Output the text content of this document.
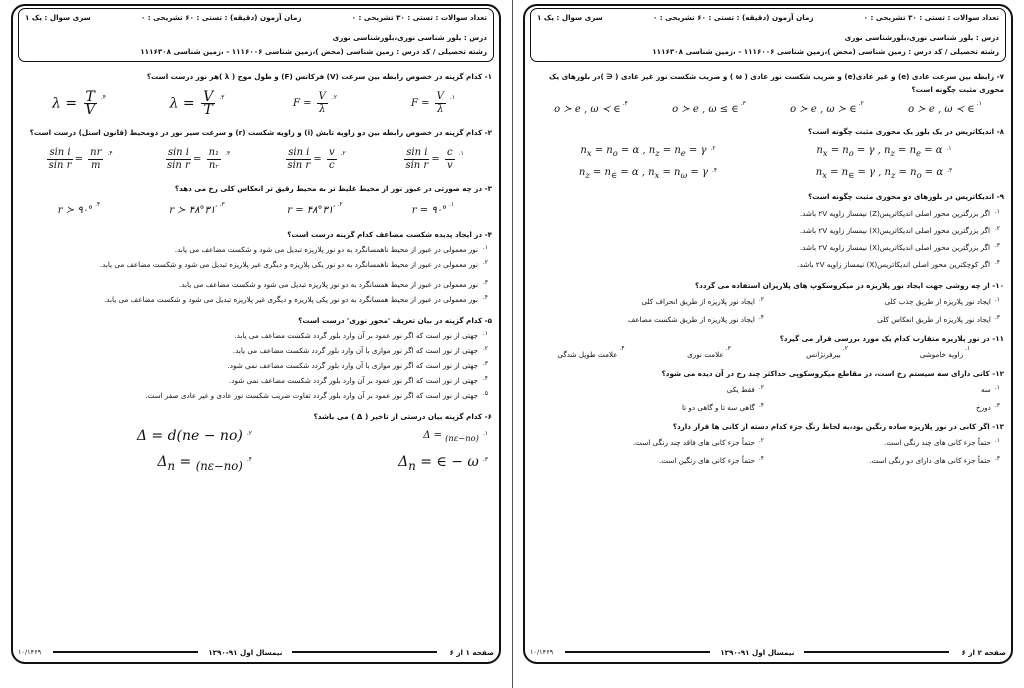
تعداد سوالات : تستی : ۳۰ تشریحی : ۰
زمان آزمون (دقیقه) : تستی : ۶۰ تشریحی : ۰
سری سوال : یک ۱
درس : بلور شناسی نوری،بلورشناسی نوری
رشته تحصیلی / کد درس : زمین شناسی (محض )،زمین شناسی ۱۱۱۶۰۰۶ - ،زمین شناسی ۱۱۱۶۳۰۸
۱- کدام گزینه در خصوص رابطه بین سرعت (V) فرکانس (F) و طول موج ( λ )هر نور درست است؟
۱.
$F = \frac{V}{\lambda}$
۲.
$F = \frac{V}{\lambda}$
۳.
$\lambda = \frac{V}{T}$
۴.
$\lambda = \frac{T}{V}$
۲- کدام گزینه در خصوص رابطه بین دو زاویه تابش (i) و زاویه شکست (r) و سرعت سیر نور در دومحیط (قانون اسنل) درست است؟
۱.
$\frac{\text{sin i}}{\text{sin r}} = \frac{c}{v}$
۲.
$\frac{\text{sin i}}{\text{sin r}} = \frac{v}{c}$
۳.
$\frac{\text{sin i}}{\text{sin r}} = \frac{\text{n₁}}{\text{nᵣ}}$
۴.
$\frac{\text{sin i}}{\text{sin r}} = \frac{nr}{m}$
۳- در چه صورتی در عبور نور از محیط غلیظ تر به محیط رقیق تر انعکاس کلی رخ می دهد؟
۱.
r = ۹۰°
۲.
r = ۴۸°۳۱′
۳.
r ≻ ۴۸°۳۱′
۴.
r ≻ ۹۰°
۴- در ایجاد پدیده شکست مضاعف کدام گزینه درست است؟
۱.
نور معمولی در عبور از محیط ناهمسانگرد به دو نور پلاریزه تبدیل می شود و شکست مضاعف می یابد.
۲.
نور معمولی در عبور از محیط ناهمسانگرد به دو نور یکی پلاریزه و دیگری غیر پلاریزه تبدیل می شود و شکست مضاعف می یابد.
۳.
نور معمولی در عبور از محیط همسانگرد به دو نور پلاریزه تبدیل می شود و شکست مضاعف می یابد.
۴.
نور معمولی در عبور از محیط همسانگرد به دو نور یکی پلاریزه و دیگری غیر پلاریزه تبدیل می شود و شکست مضاعف می یابد.
۵- کدام گزینه در بیان تعریف 'محور نوری' درست است؟
۱.
جهتی از نور است که اگر نور عمود بر آن وارد بلور گردد شکست مضاعف می یابد.
۲.
جهتی از نور است که اگر نور موازی با آن وارد بلور گردد شکست مضاعف می یابد.
۳.
جهتی از نور است که اگر نور موازی با آن وارد بلور گردد شکست مضاعف نمی شود.
۴.
جهتی از نور است که اگر نور عمود بر آن وارد بلور گردد شکست مضاعف نمی شود.
۵.
جهتی از نور است که اگر نور عمود بر آن وارد بلور گردد تفاوت ضریب شکست نور عادی و غیر عادی صفر است.
۶- کدام گزینه بیان درستی از تاخیر ( Δ ) می باشد؟
۱.
Δ = $_{(n\varepsilon-no)}$
۲.
Δ = d(ne − no)
۳.
$\Delta_n$ = ∈ − ω
۴.
$\Delta_n = _{(n\varepsilon-no)}$
صفحه ۱ از ۶
نیمسال اول ۹۱-۱۳۹۰
۱۰/۱۴۶۹
تعداد سوالات : تستی : ۳۰ تشریحی : ۰
زمان آزمون (دقیقه) : تستی : ۶۰ تشریحی : ۰
سری سوال : یک ۱
درس : بلور شناسی نوری،بلورشناسی نوری
رشته تحصیلی / کد درس : زمین شناسی (محض )،زمین شناسی ۱۱۱۶۰۰۶ - ،زمین شناسی ۱۱۱۶۳۰۸
۷- رابطه بین سرعت عادی (e) و غیر عادی(e) و ضریب شکست نور عادی ( ω ) و ضریب شکست نور غیر عادی ( ∈ )در بلورهای یک محوری مثبت چگونه است؟
۱.
o ≻ e , ω ≺ ∈
۲.
o ≻ e , ω ≻ ∈
۳.
o ≻ e , ω ≤ ∈
۴.
o ≻ e , ω ≺ ∈
۸- اندیکاتریس در یک بلور یک محوری مثبت چگونه است؟
۱.
$n_x = n_o = \gamma$ , $n_z = n_e = \alpha$
۲.
$n_x = n_o = \alpha$ , $n_z = n_e = \gamma$
۳.
$n_x = n_\in = \gamma$ , $n_z = n_o = \alpha$
۴.
$n_z = n_\in = \alpha$ , $n_x = n_\omega = \gamma$
۹- اندیکاتریس در بلورهای دو محوری مثبت چگونه است؟
۱.
اگر بزرگترین محور اصلی اندیکاتریس(Z) نیمساز زاویه ۲V باشد.
۲.
اگر بزرگترین محور اصلی اندیکاتریس(X) نیمساز زاویه ۲V باشد.
۳.
اگر بزرگترین محور اصلی اندیکاتریس(X) نیمساز زاویه ۲V باشد.
۴.
اگر کوچکترین محور اصلی اندیکاتریس(X) نیمساز زاویه ۲V باشد.
۱۰- از چه روشی جهت ایجاد نور پلاریزه در میکروسکوپ های پلاریزان استفاده می گردد؟
۱.
ایجاد نور پلاریزه از طریق جذب کلی
۲.
ایجاد نور پلاریزه از طریق انحراف کلی
۳.
ایجاد نور پلاریزه از طریق انعکاس کلی
۴.
ایجاد نور پلاریزه از طریق شکست مضاعف
۱۱- در نور پلاریزه متقارب کدام یک مورد بررسی قرار می گیرد؟
۱.
زاویه خاموشی
۲.
بیرفرنژانس
۳.
علامت نوری
۴.
علامت طویل شدگی
۱۲- کانی دارای سه سیستم رخ است، در مقاطع میکروسکوپی حداکثر چند رخ در آن دیده می شود؟
۱.
سه
۲.
فقط یکی
۳.
دورخ
۴.
گاهی سه تا و گاهی دو تا
۱۳- اگر کانی در نور پلاریزه ساده رنگین بود،به لحاظ رنگ جزء کدام دسته از کانی ها قرار دارد؟
۱.
حتماً جزء کانی های چند رنگی است.
۲.
حتماً جزء کانی های فاقد چند رنگی است.
۳.
حتماً جزء کانی های دارای دو رنگی است.
۴.
حتماً جزء کانی های رنگین است.
صفحه ۲ از ۶
نیمسال اول ۹۱-۱۳۹۰
۱۰/۱۴۶۹
